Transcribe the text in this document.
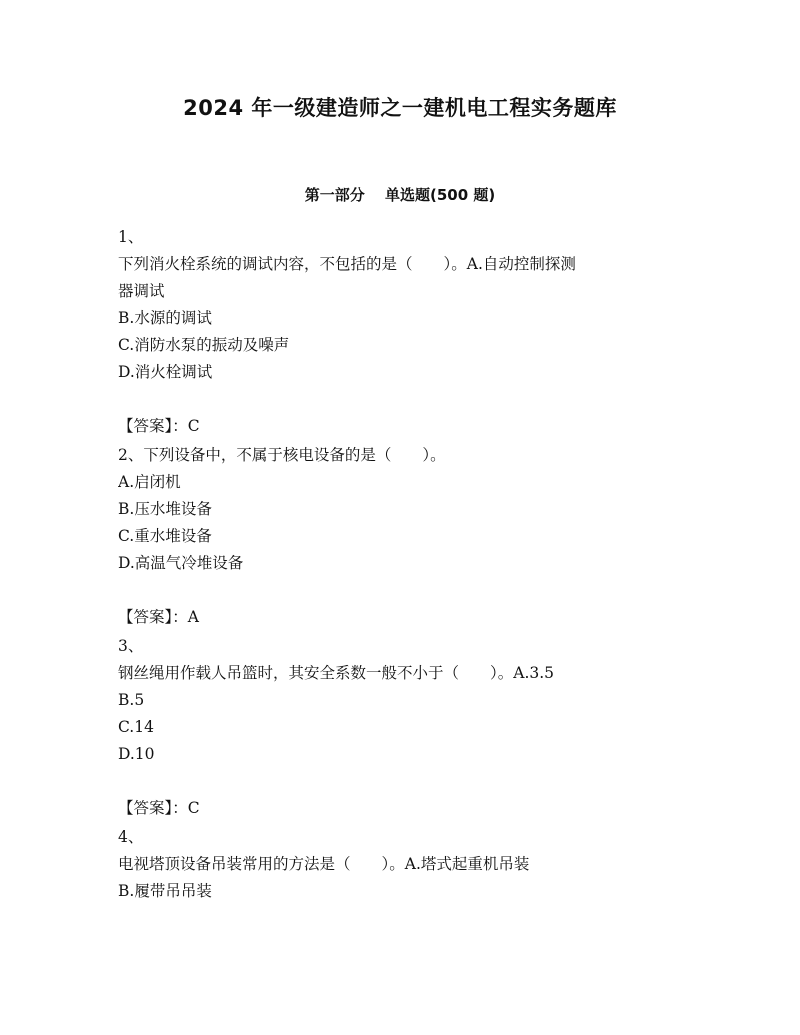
2024 年一级建造师之一建机电工程实务题库
第一部分　 单选题(500 题)
1、
下列消火栓系统的调试内容，不包括的是（　　）。A.自动控制探测
器调试
B.水源的调试
C.消防水泵的振动及噪声
D.消火栓调试
【答案】：C
2、下列设备中，不属于核电设备的是（　　）。
A.启闭机
B.压水堆设备
C.重水堆设备
D.高温气冷堆设备
【答案】：A
3、
钢丝绳用作载人吊篮时，其安全系数一般不小于（　　）。A.3.5
B.5
C.14
D.10
【答案】：C
4、
电视塔顶设备吊装常用的方法是（　　）。A.塔式起重机吊装
B.履带吊吊装
